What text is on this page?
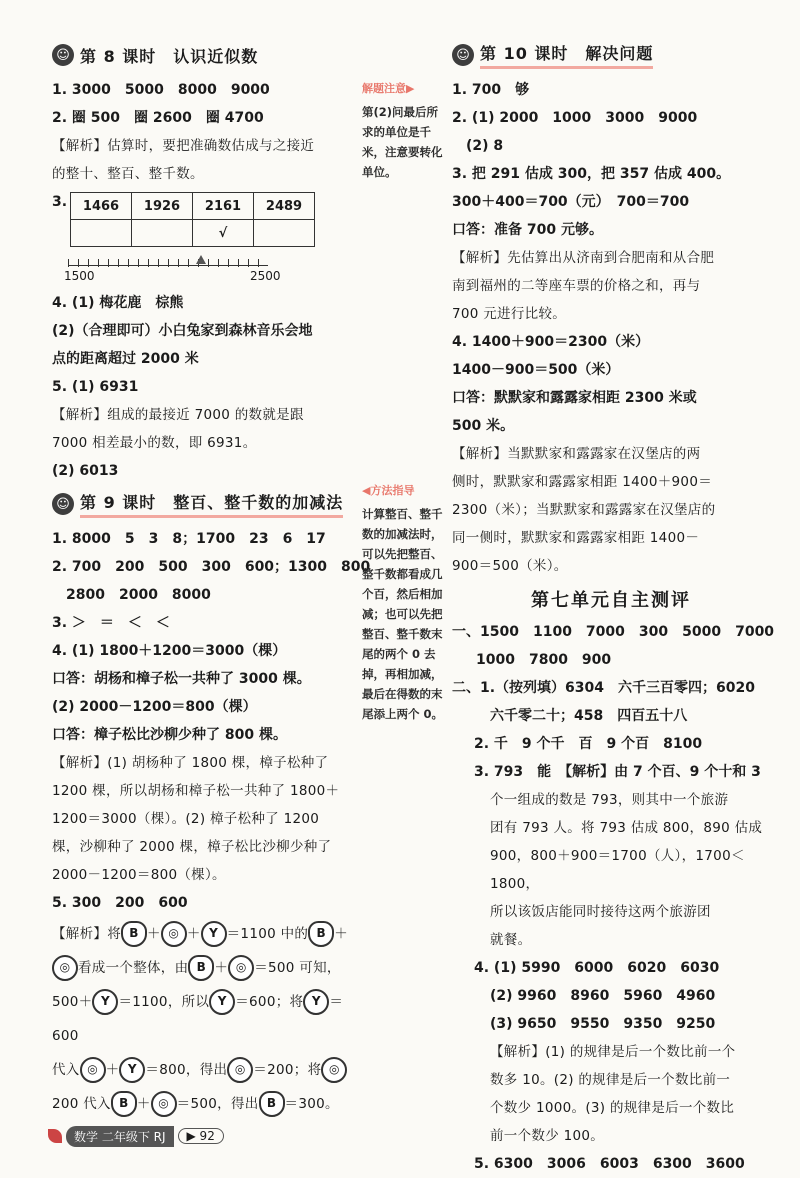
☺ 第 8 课时　认识近似数
1. 3000　5000　8000　9000
2. 圈 500　圈 2600　圈 4700
【解析】估算时，要把准确数估成与之接近
的整十、整百、整千数。
3. 1466	1926	2161	2489
		√	
1500	2500
4. (1) 梅花鹿　棕熊
(2)（合理即可）小白兔家到森林音乐会地
点的距离超过 2000 米
5. (1) 6931
【解析】组成的最接近 7000 的数就是跟
7000 相差最小的数，即 6931。
(2) 6013
☺ 第 9 课时　整百、整千数的加减法
1. 8000　5　3　8；1700　23　6　17
2. 700　200　500　300　600；1300　800
2800　2000　8000
3. ＞　＝　＜　＜
4. (1) 1800＋1200＝3000（棵）
口答：胡杨和樟子松一共种了 3000 棵。
(2) 2000－1200＝800（棵）
口答：樟子松比沙柳少种了 800 棵。
【解析】(1) 胡杨种了 1800 棵，樟子松种了
1200 棵，所以胡杨和樟子松一共种了 1800＋
1200＝3000（棵）。(2) 樟子松种了 1200
棵，沙柳种了 2000 棵，樟子松比沙柳少种了
2000－1200＝800（棵）。
5. 300　200　600
【解析】将 B ＋ ◎ ＋ Y ＝1100 中的 B ＋
◎ 看成一个整体，由 B ＋ ◎ ＝500 可知，
500＋ Y ＝1100，所以 Y ＝600；将 Y ＝600
代入 ◎ ＋ Y ＝800，得出 ◎ ＝200；将 ◎
200 代入 B ＋ ◎ ＝500，得出 B ＝300。
解题注意▶
第(2)问最后所求的单位是千米，注意要转化单位。
◀方法指导
计算整百、整千数的加减法时，可以先把整百、整千数都看成几个百，然后相加减；也可以先把整百、整千数末尾的两个 0 去掉，再相加减，最后在得数的末尾添上两个 0。
☺ 第 10 课时　解决问题
1. 700　够
2. (1) 2000　1000　3000　9000
(2) 8
3. 把 291 估成 300，把 357 估成 400。
300＋400＝700（元）　700＝700
口答：准备 700 元够。
【解析】先估算出从济南到合肥南和从合肥
南到福州的二等座车票的价格之和，再与
700 元进行比较。
4. 1400＋900＝2300（米）
1400－900＝500（米）
口答：默默家和露露家相距 2300 米或
500 米。
【解析】当默默家和露露家在汉堡店的两
侧时，默默家和露露家相距 1400＋900＝
2300（米）；当默默家和露露家在汉堡店的
同一侧时，默默家和露露家相距 1400－
900＝500（米）。
第七单元自主测评
一、1500　1100　7000　300　5000　7000
1000　7800　900
二、1.（按列填）6304　六千三百零四；6020
六千零二十；458　四百五十八
2. 千　9 个千　百　9 个百　8100
3. 793　能　【解析】由 7 个百、9 个十和 3
个一组成的数是 793，则其中一个旅游
团有 793 人。将 793 估成 800，890 估成
900，800＋900＝1700（人），1700＜1800，
所以该饭店能同时接待这两个旅游团
就餐。
4. (1) 5990　6000　6020　6030
(2) 9960　8960　5960　4960
(3) 9650　9550　9350　9250
【解析】(1) 的规律是后一个数比前一个
数多 10。(2) 的规律是后一个数比前一
个数少 1000。(3) 的规律是后一个数比
前一个数少 100。
5. 6300　3006　6003　6300　3600
数学 二年级下 RJ	▶ 92
